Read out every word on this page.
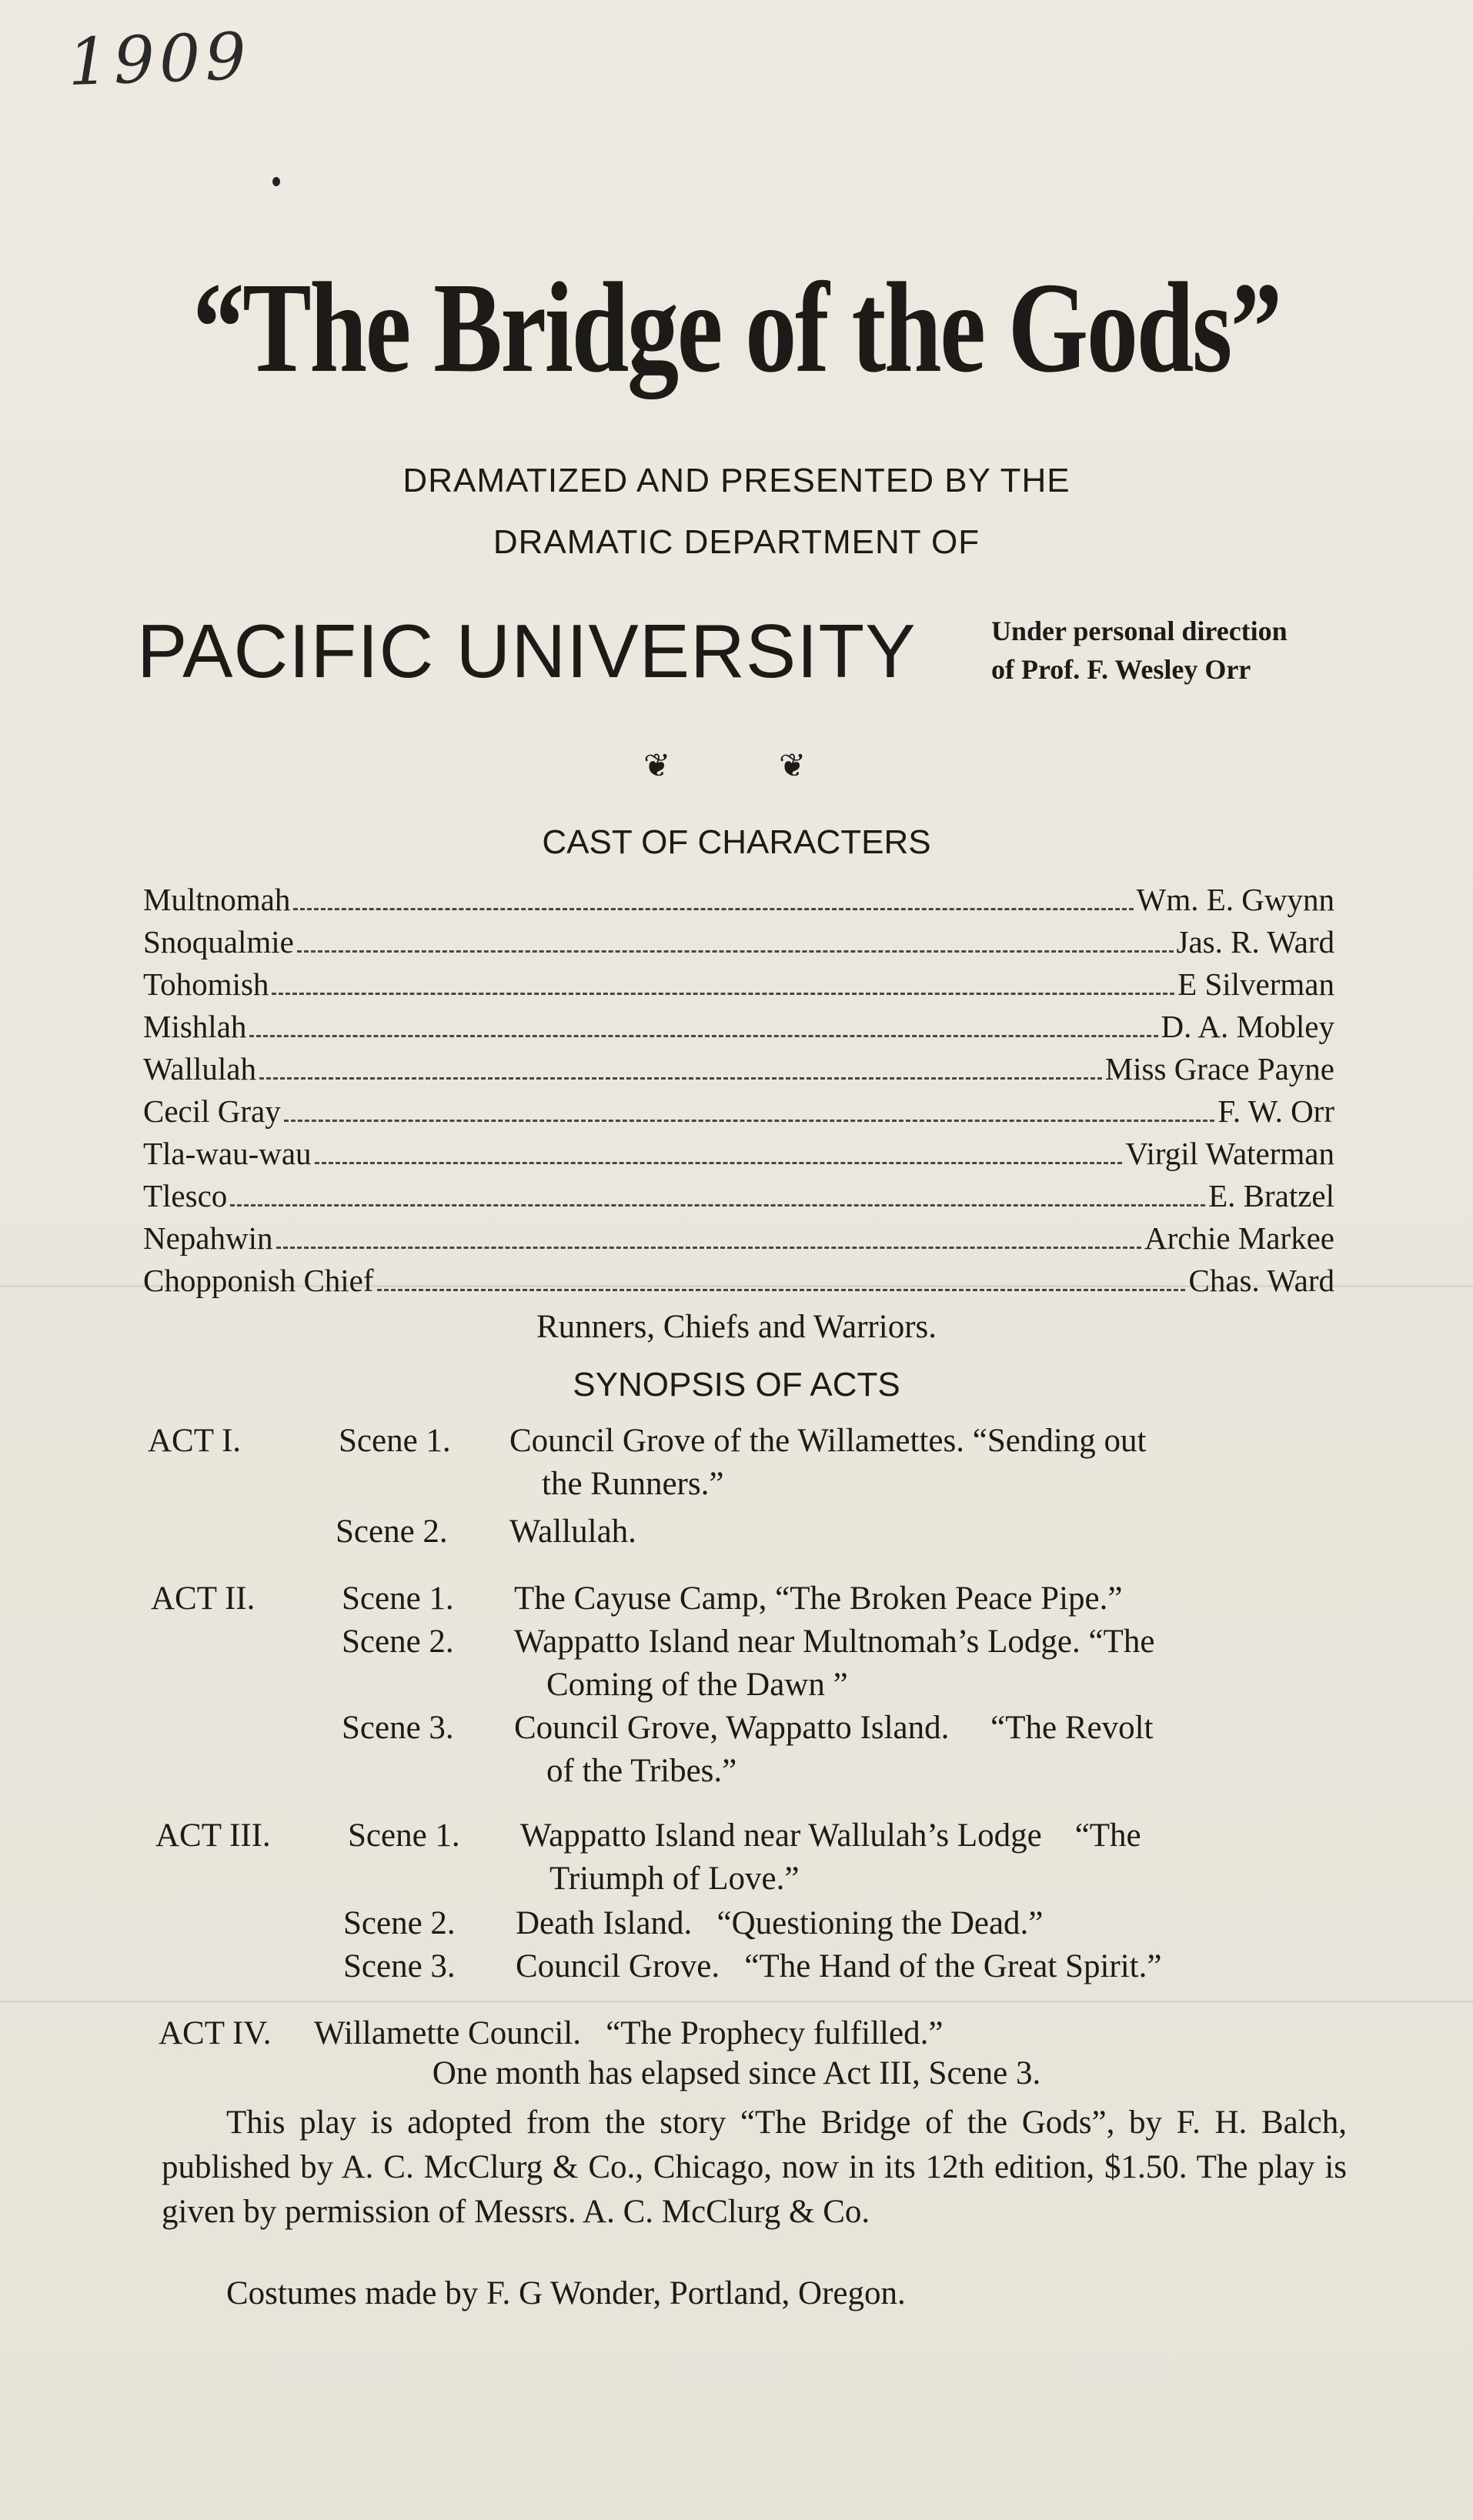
1909
“The Bridge of the Gods”
DRAMATIZED AND PRESENTED BY THE
DRAMATIC DEPARTMENT OF
PACIFIC UNIVERSITY	Under personal direction
of Prof. F. Wesley Orr
❦	❦
CAST OF CHARACTERS
Multnomah	Wm. E. Gwynn
Snoqualmie	Jas. R. Ward
Tohomish	E Silverman
Mishlah	D. A. Mobley
Wallulah	Miss Grace Payne
Cecil Gray	F. W. Orr
Tla-wau-wau	Virgil Waterman
Tlesco	E. Bratzel
Nepahwin	Archie Markee
Chopponish Chief	Chas. Ward
Runners, Chiefs and Warriors.
SYNOPSIS OF ACTS
ACT I.	Scene 1. Council Grove of the Willamettes. “Sending out
the Runners.”
Scene 2. Wallulah.
ACT II.	Scene 1. The Cayuse Camp, “The Broken Peace Pipe.”
Scene 2. Wappatto Island near Multnomah’s Lodge. “The
Coming of the Dawn ”
Scene 3. Council Grove, Wappatto Island.     “The Revolt
of the Tribes.”
ACT III. Scene 1. Wappatto Island near Wallulah’s Lodge    “The
Triumph of Love.”
Scene 2. Death Island.   “Questioning the Dead.”
Scene 3. Council Grove.   “The Hand of the Great Spirit.”
ACT IV. Willamette Council.   “The Prophecy fulfilled.”
One month has elapsed since Act III, Scene 3.
This play is adopted from the story “The Bridge of the Gods”, by F. H. Balch, published by A. C. McClurg & Co., Chicago, now in its 12th edition, $1.50. The play is given by permission of Messrs. A. C. McClurg & Co.
Costumes made by F. G Wonder, Portland, Oregon.
